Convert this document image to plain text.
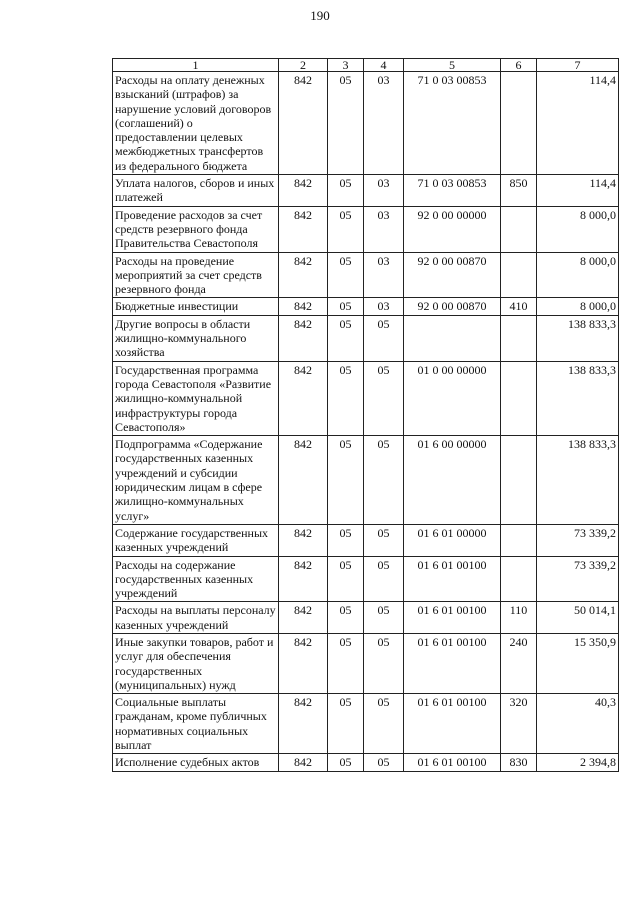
190
1	2	3	4	5	6	7
Расходы на оплату денежных взысканий (штрафов) за нарушение условий договоров (соглашений) о предоставлении целевых межбюджетных трансфертов из федерального бюджета	842	05	03	71 0 03 00853		114,4
Уплата налогов, сборов и иных платежей	842	05	03	71 0 03 00853	850	114,4
Проведение расходов за счет средств резервного фонда Правительства Севастополя	842	05	03	92 0 00 00000		8 000,0
Расходы на проведение мероприятий за счет средств резервного фонда	842	05	03	92 0 00 00870		8 000,0
Бюджетные инвестиции	842	05	03	92 0 00 00870	410	8 000,0
Другие вопросы в области жилищно-коммунального хозяйства	842	05	05			138 833,3
Государственная программа города Севастополя «Развитие жилищно-коммунальной инфраструктуры города Севастополя»	842	05	05	01 0 00 00000		138 833,3
Подпрограмма «Содержание государственных казенных учреждений и субсидии юридическим лицам в сфере жилищно-коммунальных услуг»	842	05	05	01 6 00 00000		138 833,3
Содержание государственных казенных учреждений	842	05	05	01 6 01 00000		73 339,2
Расходы на содержание государственных казенных учреждений	842	05	05	01 6 01 00100		73 339,2
Расходы на выплаты персоналу казенных учреждений	842	05	05	01 6 01 00100	110	50 014,1
Иные закупки товаров, работ и услуг для обеспечения государственных (муниципальных) нужд	842	05	05	01 6 01 00100	240	15 350,9
Социальные выплаты гражданам, кроме публичных нормативных социальных выплат	842	05	05	01 6 01 00100	320	40,3
Исполнение судебных актов	842	05	05	01 6 01 00100	830	2 394,8
